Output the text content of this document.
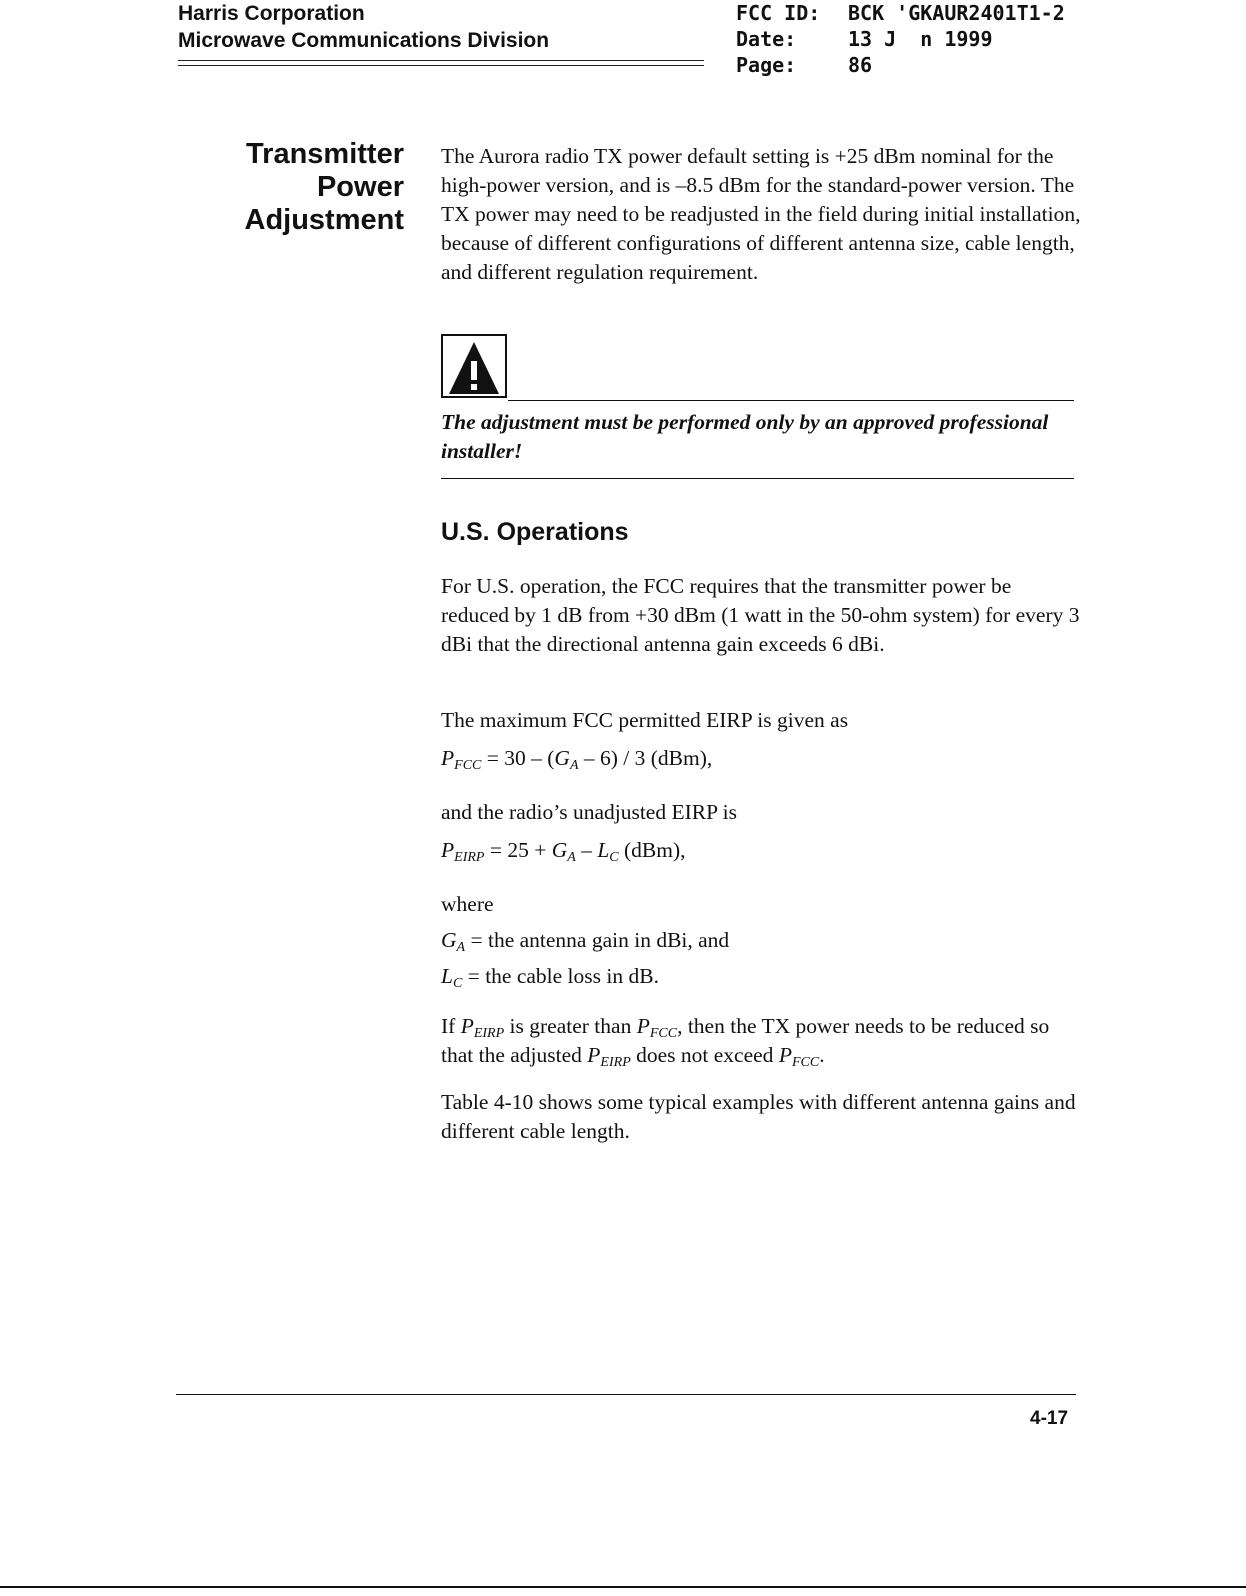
Harris Corporation
Microwave Communications Division
FCC ID:	BCK 'GKAUR2401T1-2
Date:	13 J  n 1999
Page:	86
Transmitter
Power
Adjustment
The Aurora radio TX power default setting is +25 dBm nominal for the high-power version, and is –8.5 dBm for the standard-power version. The TX power may need to be readjusted in the field during initial installation, because of different configurations of different antenna size, cable length, and different regulation requirement.
The adjustment must be performed only by an approved professional installer!
U.S. Operations
For U.S. operation, the FCC requires that the transmitter power be reduced by 1 dB from +30 dBm (1 watt in the 50-ohm system) for every 3 dBi that the directional antenna gain exceeds 6 dBi.
The maximum FCC permitted EIRP is given as
$P_{FCC} = 30 - (G_A - 6) / 3$ (dBm),
and the radio’s unadjusted EIRP is
$P_{EIRP} = 25 + G_A - L_C$ (dBm),
where
$G_A$ = the antenna gain in dBi, and
$L_C$ = the cable loss in dB.
If $P_{EIRP}$ is greater than $P_{FCC}$, then the TX power needs to be reduced so that the adjusted $P_{EIRP}$ does not exceed $P_{FCC}$.
Table 4-10 shows some typical examples with different antenna gains and different cable length.
4-17
